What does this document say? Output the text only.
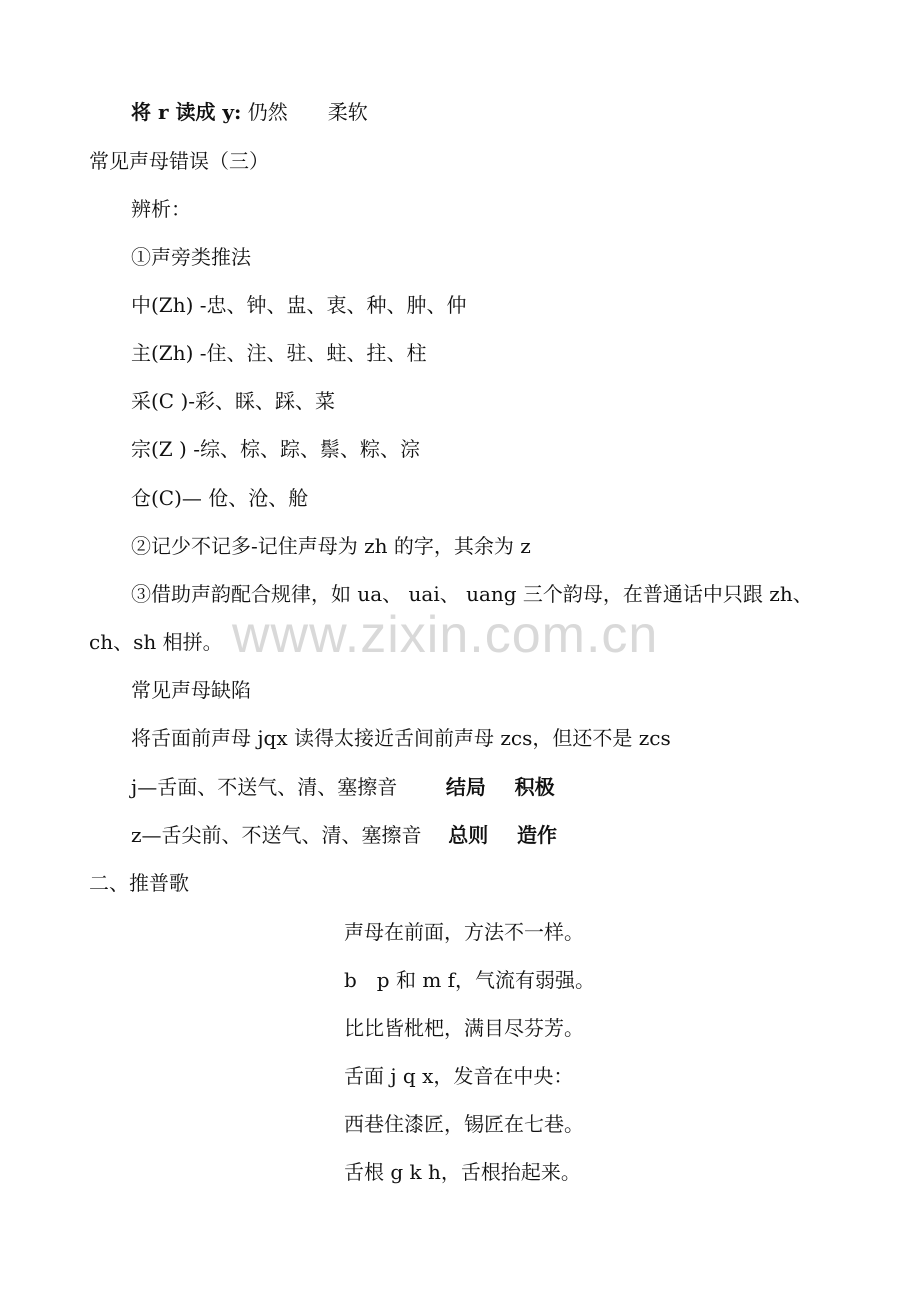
www.zixin.com.cn
将 r 读成 y: 仍然　　柔软
常见声母错误（三）
辨析：
①声旁类推法
中(Zh) -忠、钟、盅、衷、种、肿、仲
主(Zh) -住、注、驻、蛀、拄、柱
采(C )-彩、睬、踩、菜
宗(Z ) -综、棕、踪、鬃、粽、淙
仓(C)— 伧、沧、舱
②记少不记多-记住声母为 zh 的字，其余为 z
③借助声韵配合规律，如 ua、 uai、 uang 三个韵母，在普通话中只跟 zh、
ch、sh 相拼。
常见声母缺陷
将舌面前声母 jqx 读得太接近舌间前声母 zcs，但还不是 zcs
j—舌面、不送气、清、塞擦音 结局 积极
z—舌尖前、不送气、清、塞擦音 总则 造作
二、推普歌
声母在前面，方法不一样。
b　p 和 m f，气流有弱强。
比比皆枇杷，满目尽芬芳。
舌面 j q x，发音在中央：
西巷住漆匠，锡匠在七巷。
舌根 g k h，舌根抬起来。
